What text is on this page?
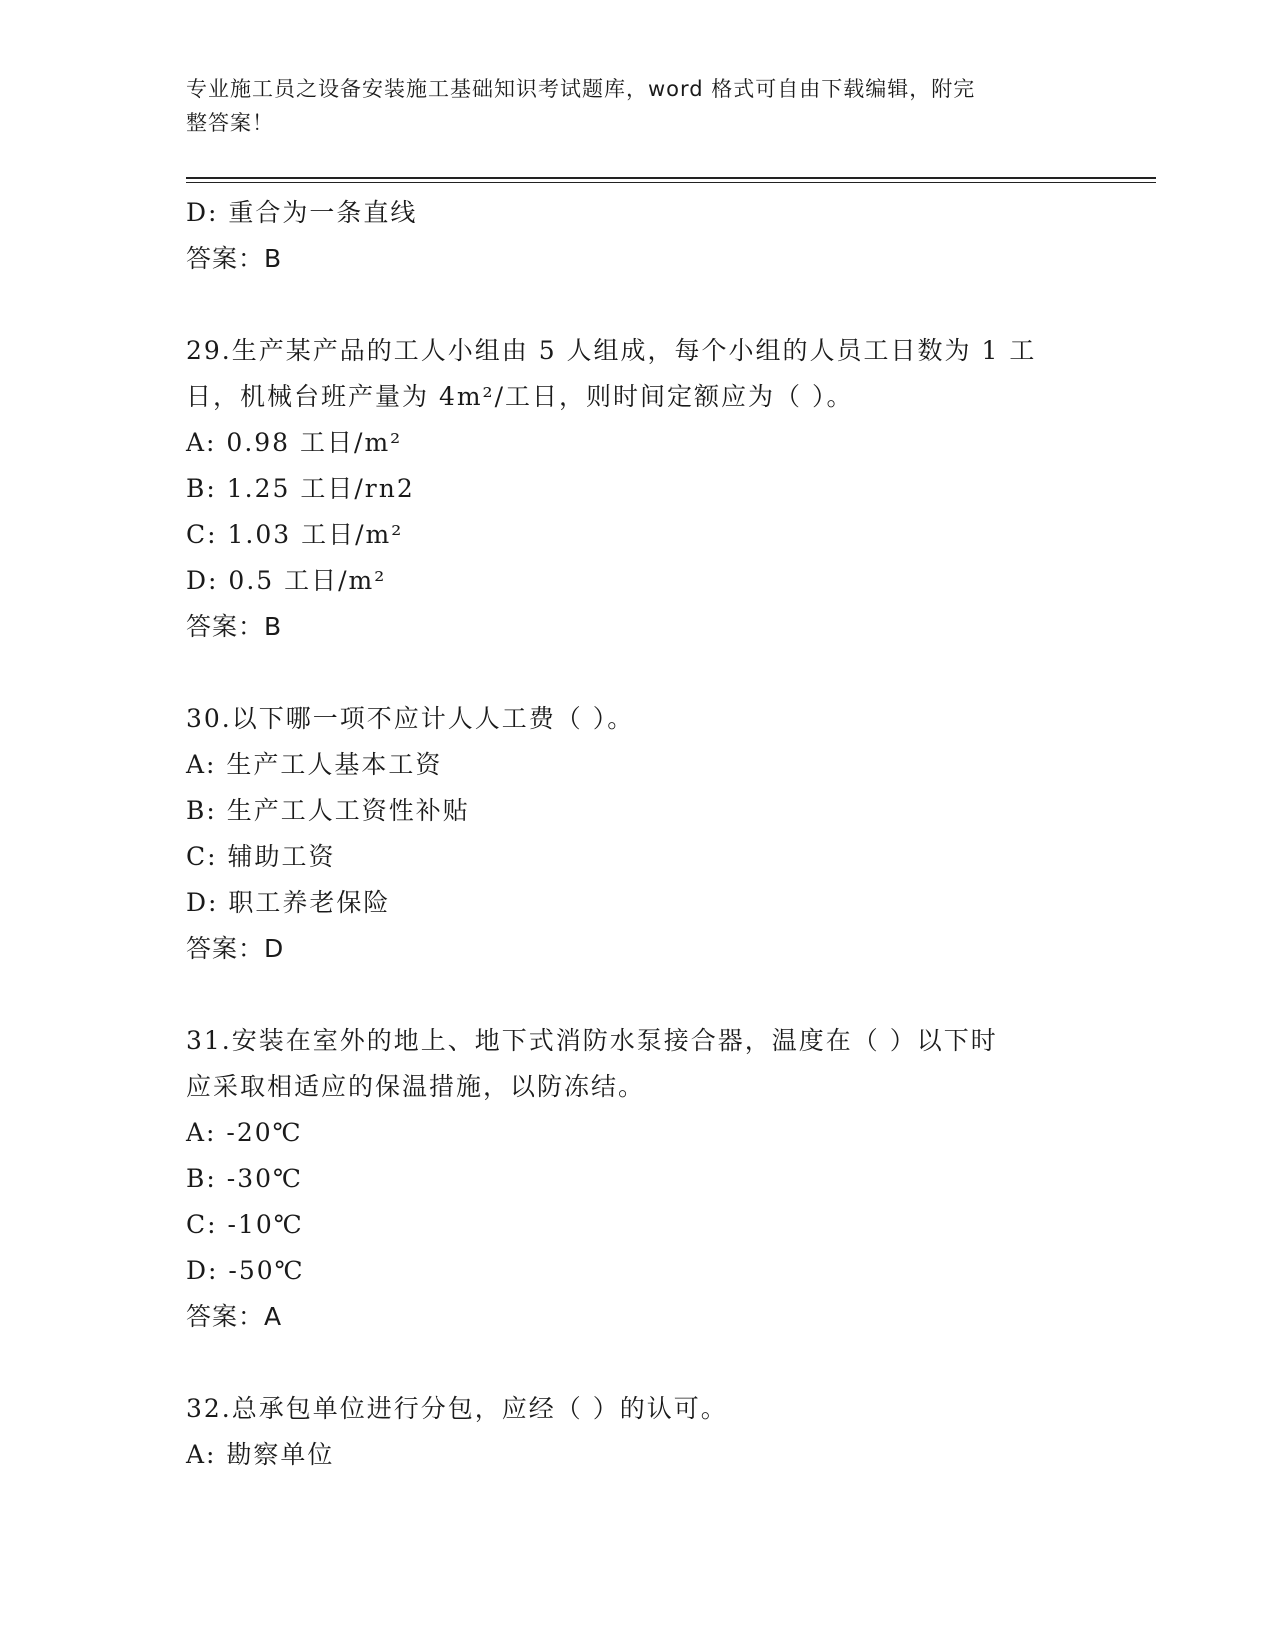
专业施工员之设备安装施工基础知识考试题库，word 格式可自由下载编辑，附完
整答案！
D: 重合为一条直线
答案：B
29.生产某产品的工人小组由 5 人组成，每个小组的人员工日数为 1 工
日，机械台班产量为 4m²/工日，则时间定额应为（ ）。
A: 0.98 工日/m²
B: 1.25 工日/rn2
C: 1.03 工日/m²
D: 0.5 工日/m²
答案：B
30.以下哪一项不应计人人工费（ ）。
A: 生产工人基本工资
B: 生产工人工资性补贴
C: 辅助工资
D: 职工养老保险
答案：D
31.安装在室外的地上、地下式消防水泵接合器，温度在（ ）以下时
应采取相适应的保温措施，以防冻结。
A: -20℃
B: -30℃
C: -10℃
D: -50℃
答案：A
32.总承包单位进行分包，应经（ ）的认可。
A: 勘察单位
